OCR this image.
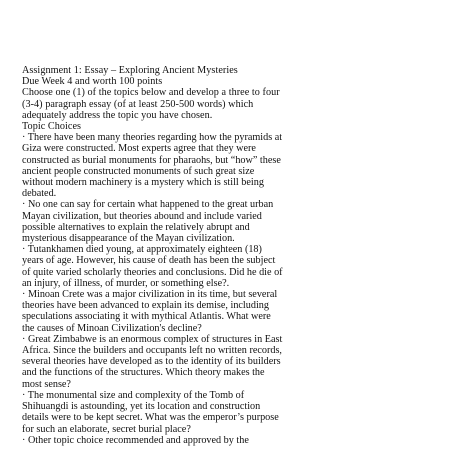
Assignment 1: Essay – Exploring Ancient Mysteries
Due Week 4 and worth 100 points
Choose one (1) of the topics below and develop a three to four
(3-4) paragraph essay (of at least 250-500 words) which
adequately address the topic you have chosen.
Topic Choices
· There have been many theories regarding how the pyramids at
Giza were constructed. Most experts agree that they were
constructed as burial monuments for pharaohs, but “how” these
ancient people constructed monuments of such great size
without modern machinery is a mystery which is still being
debated.
· No one can say for certain what happened to the great urban
Mayan civilization, but theories abound and include varied
possible alternatives to explain the relatively abrupt and
mysterious disappearance of the Mayan civilization.
· Tutankhamen died young, at approximately eighteen (18)
years of age. However, his cause of death has been the subject
of quite varied scholarly theories and conclusions. Did he die of
an injury, of illness, of murder, or something else?.
· Minoan Crete was a major civilization in its time, but several
theories have been advanced to explain its demise, including
speculations associating it with mythical Atlantis. What were
the causes of Minoan Civilization's decline?
· Great Zimbabwe is an enormous complex of structures in East
Africa. Since the builders and occupants left no written records,
several theories have developed as to the identity of its builders
and the functions of the structures. Which theory makes the
most sense?
· The monumental size and complexity of the Tomb of
Shihuangdi is astounding, yet its location and construction
details were to be kept secret. What was the emperor’s purpose
for such an elaborate, secret burial place?
· Other topic choice recommended and approved by the
